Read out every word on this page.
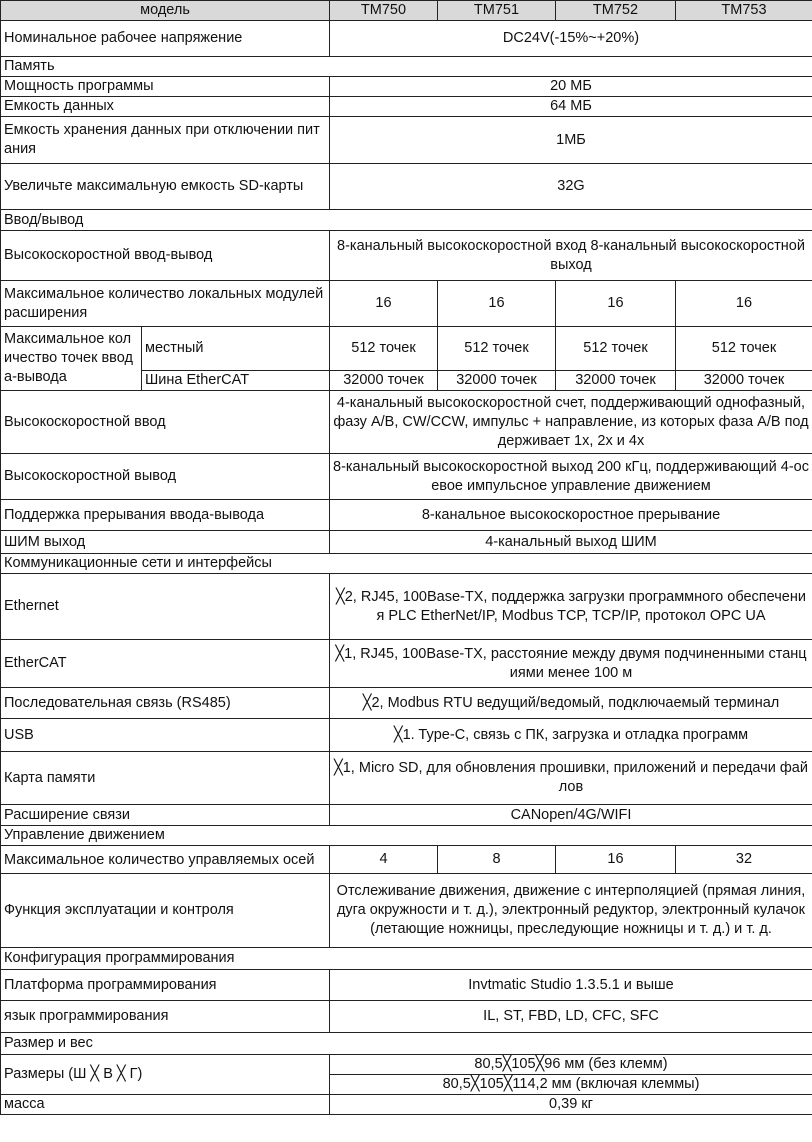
модель		TM750	TM751	TM752	TM753
Номинальное рабочее напряжение		DC24V(-15%~+20%)			
Память					
Мощность программы		20 МБ			
Емкость данных		64 МБ			
Емкость хранения данных при отключении питания		1МБ			
Увеличьте максимальную емкость SD-карты		32G			
Ввод/вывод					
Высокоскоростной ввод-вывод		8-канальный высокоскоростной вход 8-канальный высокоскоростной выход			
Максимальное количество локальных модулей расширения		16	16	16	16
Максимальное количество точек ввода-вывода	местный	512 точек	512 точек	512 точек	512 точек
	Шина EtherCAT	32000 точек	32000 точек	32000 точек	32000 точек
Высокоскоростной ввод		4-канальный высокоскоростной счет, поддерживающий однофазный, фазу A/B, CW/CCW, импульс + направление, из которых фаза A/B поддерживает 1x, 2x и 4x			
Высокоскоростной вывод		8-канальный высокоскоростной выход 200 кГц, поддерживающий 4-осевое импульсное управление движением			
Поддержка прерывания ввода-вывода		8-канальное высокоскоростное прерывание			
ШИМ выход		4-канальный выход ШИМ			
Коммуникационные сети и интерфейсы					
Ethernet		╳2, RJ45, 100Base-TX, поддержка загрузки программного обеспечения PLC EtherNet/IP, Modbus TCP, TCP/IP, протокол OPC UA			
EtherCAT		╳1, RJ45, 100Base-TX, расстояние между двумя подчиненными станциями менее 100 м			
Последовательная связь (RS485)		╳2, Modbus RTU ведущий/ведомый, подключаемый терминал			
USB		╳1. Type-C, связь с ПК, загрузка и отладка программ			
Карта памяти		╳1, Micro SD, для обновления прошивки, приложений и передачи файлов			
Расширение связи		CANopen/4G/WIFI			
Управление движением					
Максимальное количество управляемых осей		4	8	16	32
Функция эксплуатации и контроля		Отслеживание движения, движение с интерполяцией (прямая линия, дуга окружности и т. д.), электронный редуктор, электронный кулачок (летающие ножницы, преследующие ножницы и т. д.) и т. д.			
Конфигурация программирования					
Платформа программирования		Invtmatic Studio 1.3.5.1 и выше			
язык программирования		IL, ST, FBD, LD, CFC, SFC			
Размер и вес					
Размеры (Ш ╳ В ╳ Г)		80,5╳105╳96 мм (без клемм)
80,5╳105╳114,2 мм (включая клеммы)			

масса		0,39 кг			
